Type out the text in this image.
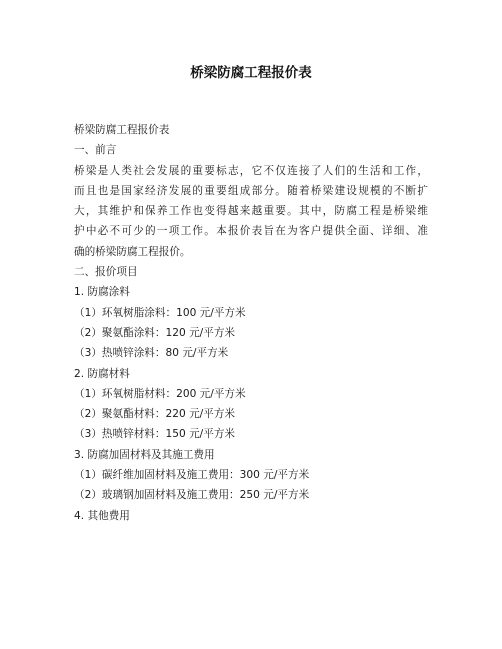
桥梁防腐工程报价表
桥梁防腐工程报价表
一、前言
桥梁是人类社会发展的重要标志，它不仅连接了人们的生活和工作，
而且也是国家经济发展的重要组成部分。随着桥梁建设规模的不断扩
大，其维护和保养工作也变得越来越重要。其中，防腐工程是桥梁维
护中必不可少的一项工作。本报价表旨在为客户提供全面、详细、准
确的桥梁防腐工程报价。
二、报价项目
1. 防腐涂料
（1）环氧树脂涂料：100 元/平方米
（2）聚氨酯涂料：120 元/平方米
（3）热喷锌涂料：80 元/平方米
2. 防腐材料
（1）环氧树脂材料：200 元/平方米
（2）聚氨酯材料：220 元/平方米
（3）热喷锌材料：150 元/平方米
3. 防腐加固材料及其施工费用
（1）碳纤维加固材料及施工费用：300 元/平方米
（2）玻璃钢加固材料及施工费用：250 元/平方米
4. 其他费用
